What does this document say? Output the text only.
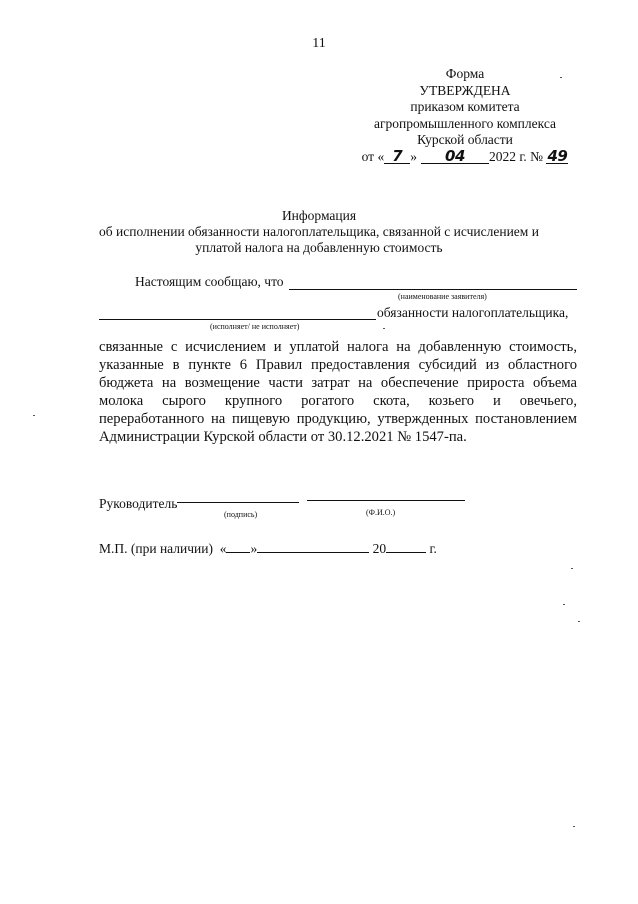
11
Форма
УТВЕРЖДЕНА
приказом комитета
агропромышленного комплекса
Курской области
от « 7 » 04 2022 г. № 49
Информация
об исполнении обязанности налогоплательщика, связанной с исчислением и
уплатой налога на добавленную стоимость
Настоящим сообщаю, что
(наименование заявителя)
обязанности налогоплательщика,
(исполняет/ не исполняет)

связанные с исчислением и уплатой налога на добавленную стоимость, указанные в пункте 6 Правил предоставления субсидий из областного бюджета на возмещение части затрат на обеспечение прироста объема молока сырого крупного рогатого скота, козьего и овечьего, переработанного на пищевую продукцию, утвержденных постановлением Администрации Курской области от 30.12.2021 № 1547-па.

Руководитель
(подпись)	(Ф.И.О.)
М.П. (при наличии) « »	20	г.
